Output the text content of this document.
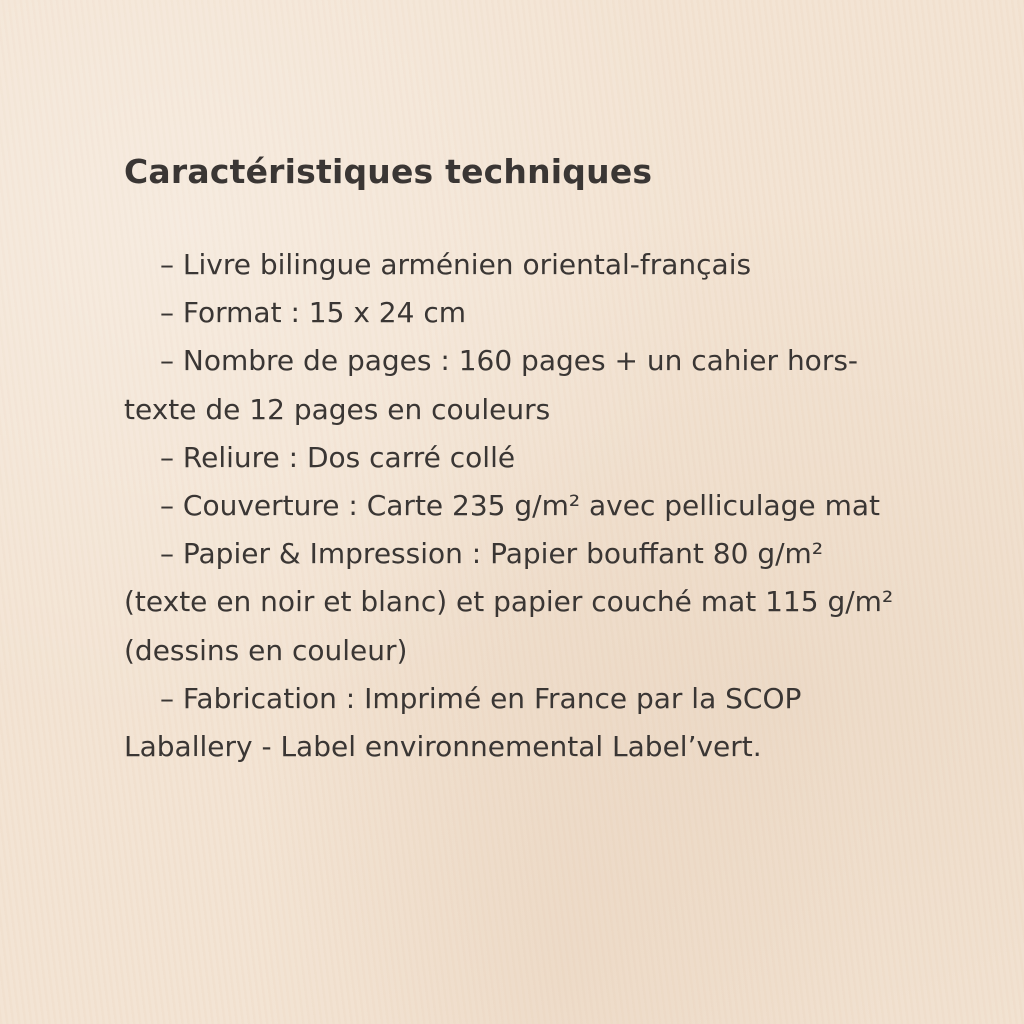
Caractéristiques techniques
– Livre bilingue arménien oriental-français
– Format : 15 x 24 cm
– Nombre de pages : 160 pages + un cahier hors-texte de 12 pages en couleurs
– Reliure : Dos carré collé
– Couverture : Carte 235 g/m² avec pelliculage mat
– Papier & Impression : Papier bouffant 80 g/m² (texte en noir et blanc) et papier couché mat 115 g/m² (dessins en couleur)
– Fabrication : Imprimé en France par la SCOP Laballery - Label environnemental Label’vert.
